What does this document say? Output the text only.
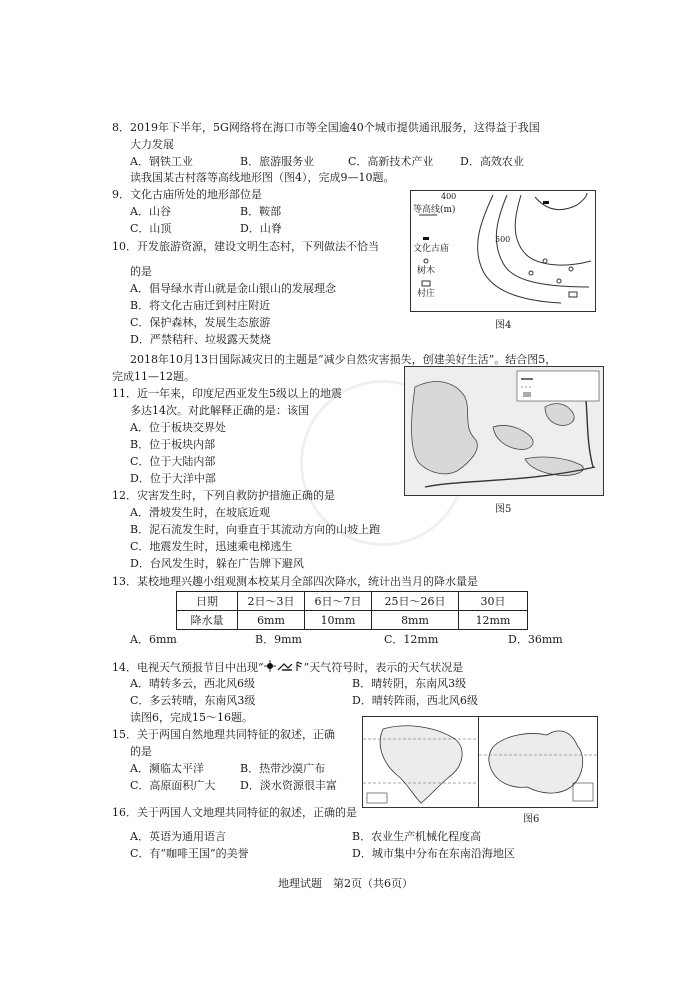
8．2019年下半年，5G网络将在海口市等全国逾40个城市提供通讯服务，这得益于我国
大力发展
A．钢铁工业	B．旅游服务业	C．高新技术产业 D．高效农业
读我国某古村落等高线地形图（图4），完成9—10题。
9．文化古庙所处的地形部位是
A．山谷	B．鞍部
C．山顶	D．山脊
10．开发旅游资源，建设文明生态村，下列做法不恰当
的是
A．倡导绿水青山就是金山银山的发展理念
B．将文化古庙迁到村庄附近
C．保护森林，发展生态旅游
D．严禁秸秆、垃圾露天焚烧
400
500
等高线(m)
文化古庙
树木
村庄
图4
2018年10月13日国际减灾日的主题是“减少自然灾害损失，创建美好生活”。结合图5，
完成11—12题。
11．近一年来，印度尼西亚发生5级以上的地震
多达14次。对此解释正确的是：该国
A．位于板块交界处
B．位于板块内部
C．位于大陆内部
D．位于大洋中部
图5
12．灾害发生时，下列自救防护措施正确的是
A．滑坡发生时，在坡底近观
B．泥石流发生时，向垂直于其流动方向的山坡上跑
C．地震发生时，迅速乘电梯逃生
D．台风发生时，躲在广告牌下避风
13．某校地理兴趣小组观测本校某月全部四次降水，统计出当月的降水量是
日期	2日～3日	6日～7日	25日～26日	30日
降水量	6mm	10mm	8mm	12mm
A．6mm	B．9mm	C．12mm	D．36mm
14．电视天气预报节目中出现“	”天气符号时，表示的天气状况是
A．晴转多云，西北风6级	B．晴转阴，东南风3级
C．多云转晴，东南风3级	D．晴转阵雨，西北风6级
读图6，完成15～16题。
15．关于两国自然地理共同特征的叙述，正确
的是
A．濒临太平洋	B．热带沙漠广布
C．高原面积广大 D．淡水资源很丰富
图6
16．关于两国人文地理共同特征的叙述，正确的是
A．英语为通用语言	B．农业生产机械化程度高
C．有“咖啡王国”的美誉	D．城市集中分布在东南沿海地区
地理试题　第2页（共6页）
